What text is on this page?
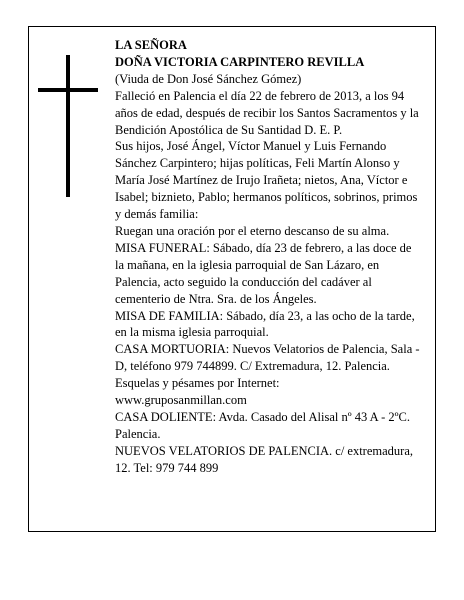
LA SEÑORA

DOÑA VICTORIA CARPINTERO REVILLA

(Viuda de Don José Sánchez Gómez)

Falleció en Palencia el día 22 de febrero de 2013, a los 94 años de edad, después de recibir los Santos Sacramentos y la Bendición Apostólica de Su Santidad D. E. P.

Sus hijos, José Ángel, Víctor Manuel y Luis Fernando Sánchez Carpintero; hijas políticas, Feli Martín Alonso y María José Martínez de Irujo Irañeta; nietos, Ana, Víctor e Isabel; biznieto, Pablo; hermanos políticos, sobrinos, primos y demás familia:

Ruegan una oración por el eterno descanso de su alma.

MISA FUNERAL: Sábado, día 23 de febrero, a las doce de la mañana, en la iglesia parroquial de San Lázaro, en Palencia, acto seguido la conducción del cadáver al cementerio de Ntra. Sra. de los Ángeles.

MISA DE FAMILIA: Sábado, día 23, a las ocho de la tarde, en la misma iglesia parroquial.

CASA MORTUORIA: Nuevos Velatorios de Palencia, Sala - D, teléfono 979 744899. C/ Extremadura, 12. Palencia.

Esquelas y pésames por Internet:

www.gruposanmillan.com

CASA DOLIENTE: Avda. Casado del Alisal nº 43 A - 2ºC. Palencia.

NUEVOS VELATORIOS DE PALENCIA. c/ extremadura, 12. Tel: 979 744 899
